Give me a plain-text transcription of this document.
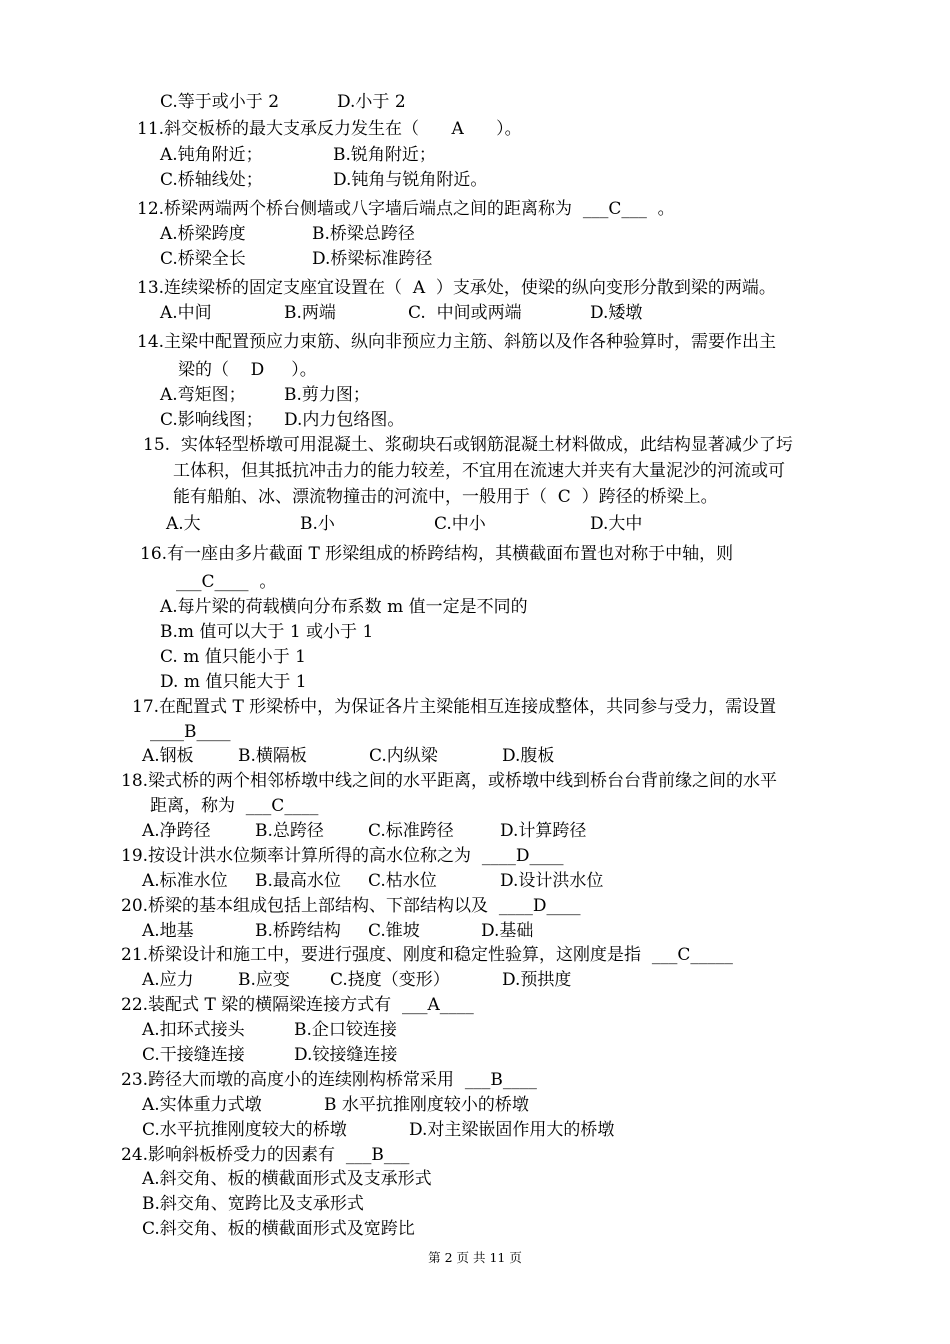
C.等于或小于 2	D.小于 2
11.斜交板桥的最大支承反力发生在（      A      ）。
A.钝角附近；	B.锐角附近；
C.桥轴线处；	D.钝角与锐角附近。
12.桥梁两端两个桥台侧墙或八字墙后端点之间的距离称为  ___C___  。
A.桥梁跨度	B.桥梁总跨径
C.桥梁全长	D.桥梁标准跨径
13.连续梁桥的固定支座宜设置在（  A  ）支承处，使梁的纵向变形分散到梁的两端。
A.中间	B.两端	C.  中间或两端	D.矮墩
14.主梁中配置预应力束筋、纵向非预应力主筋、斜筋以及作各种验算时，需要作出主
梁的（    D     ）。
A.弯矩图； B.剪力图；
C.影响线图； D.内力包络图。
15.  实体轻型桥墩可用混凝土、浆砌块石或钢筋混凝土材料做成，此结构显著减少了圬
工体积，但其抵抗冲击力的能力较差，不宜用在流速大并夹有大量泥沙的河流或可
能有船舶、冰、漂流物撞击的河流中，一般用于（  C  ）跨径的桥梁上。
A.大	B.小	C.中小	D.大中
16.有一座由多片截面 T 形梁组成的桥跨结构，其横截面布置也对称于中轴，则
___C____  。
A.每片梁的荷载横向分布系数 m 值一定是不同的
B.m 值可以大于 1 或小于 1
C. m 值只能小于 1
D. m 值只能大于 1
17.在配置式 T 形梁桥中，为保证各片主梁能相互连接成整体，共同参与受力，需设置
____B____
A.钢板	B.横隔板	C.内纵梁	D.腹板
18.梁式桥的两个相邻桥墩中线之间的水平距离，或桥墩中线到桥台台背前缘之间的水平
距离，称为  ___C____
A.净跨径	B.总跨径	C.标准跨径	D.计算跨径
19.按设计洪水位频率计算所得的高水位称之为  ____D____
A.标准水位 B.最高水位 C.枯水位	D.设计洪水位
20.桥梁的基本组成包括上部结构、下部结构以及  ____D____
A.地基	B.桥跨结构 C.锥坡	D.基础
21.桥梁设计和施工中，要进行强度、刚度和稳定性验算，这刚度是指  ___C_____
A.应力	B.应变 C.挠度（变形）	D.预拱度
22.装配式 T 梁的横隔梁连接方式有  ___A____
A.扣环式接头	B.企口铰连接
C.干接缝连接	D.铰接缝连接
23.跨径大而墩的高度小的连续刚构桥常采用  ___B____
A.实体重力式墩	B 水平抗推刚度较小的桥墩
C.水平抗推刚度较大的桥墩	D.对主梁嵌固作用大的桥墩
24.影响斜板桥受力的因素有  ___B___
A.斜交角、板的横截面形式及支承形式
B.斜交角、宽跨比及支承形式
C.斜交角、板的横截面形式及宽跨比
第 2 页 共 11 页
